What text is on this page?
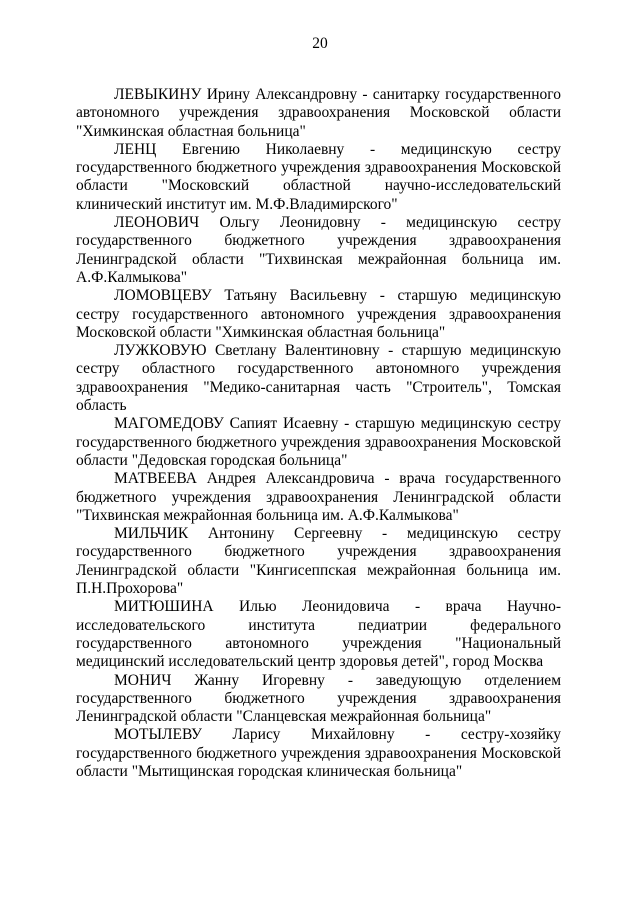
20

ЛЕВЫКИНУ Ирину Александровну - санитарку государственного автономного учреждения здравоохранения Московской области "Химкинская областная больница"

ЛЕНЦ Евгению Николаевну - медицинскую сестру государственного бюджетного учреждения здравоохранения Московской области "Московский областной научно-исследовательский клинический институт им. М.Ф.Владимирского"

ЛЕОНОВИЧ Ольгу Леонидовну - медицинскую сестру государственного бюджетного учреждения здравоохранения Ленинградской области "Тихвинская межрайонная больница им. А.Ф.Калмыкова"

ЛОМОВЦЕВУ Татьяну Васильевну - старшую медицинскую сестру государственного автономного учреждения здравоохранения Московской области "Химкинская областная больница"

ЛУЖКОВУЮ Светлану Валентиновну - старшую медицинскую сестру областного государственного автономного учреждения здравоохранения "Медико-санитарная часть "Строитель", Томская область

МАГОМЕДОВУ Сапият Исаевну - старшую медицинскую сестру государственного бюджетного учреждения здравоохранения Московской области "Дедовская городская больница"

МАТВЕЕВА Андрея Александровича - врача государственного бюджетного учреждения здравоохранения Ленинградской области "Тихвинская межрайонная больница им. А.Ф.Калмыкова"

МИЛЬЧИК Антонину Сергеевну - медицинскую сестру государственного бюджетного учреждения здравоохранения Ленинградской области "Кингисеппская межрайонная больница им. П.Н.Прохорова"

МИТЮШИНА Илью Леонидовича - врача Научно-исследовательского института педиатрии федерального государственного автономного учреждения "Национальный медицинский исследовательский центр здоровья детей", город Москва

МОНИЧ Жанну Игоревну - заведующую отделением государственного бюджетного учреждения здравоохранения Ленинградской области "Сланцевская межрайонная больница"

МОТЫЛЕВУ Ларису Михайловну - сестру-хозяйку государственного бюджетного учреждения здравоохранения Московской области "Мытищинская городская клиническая больница"
